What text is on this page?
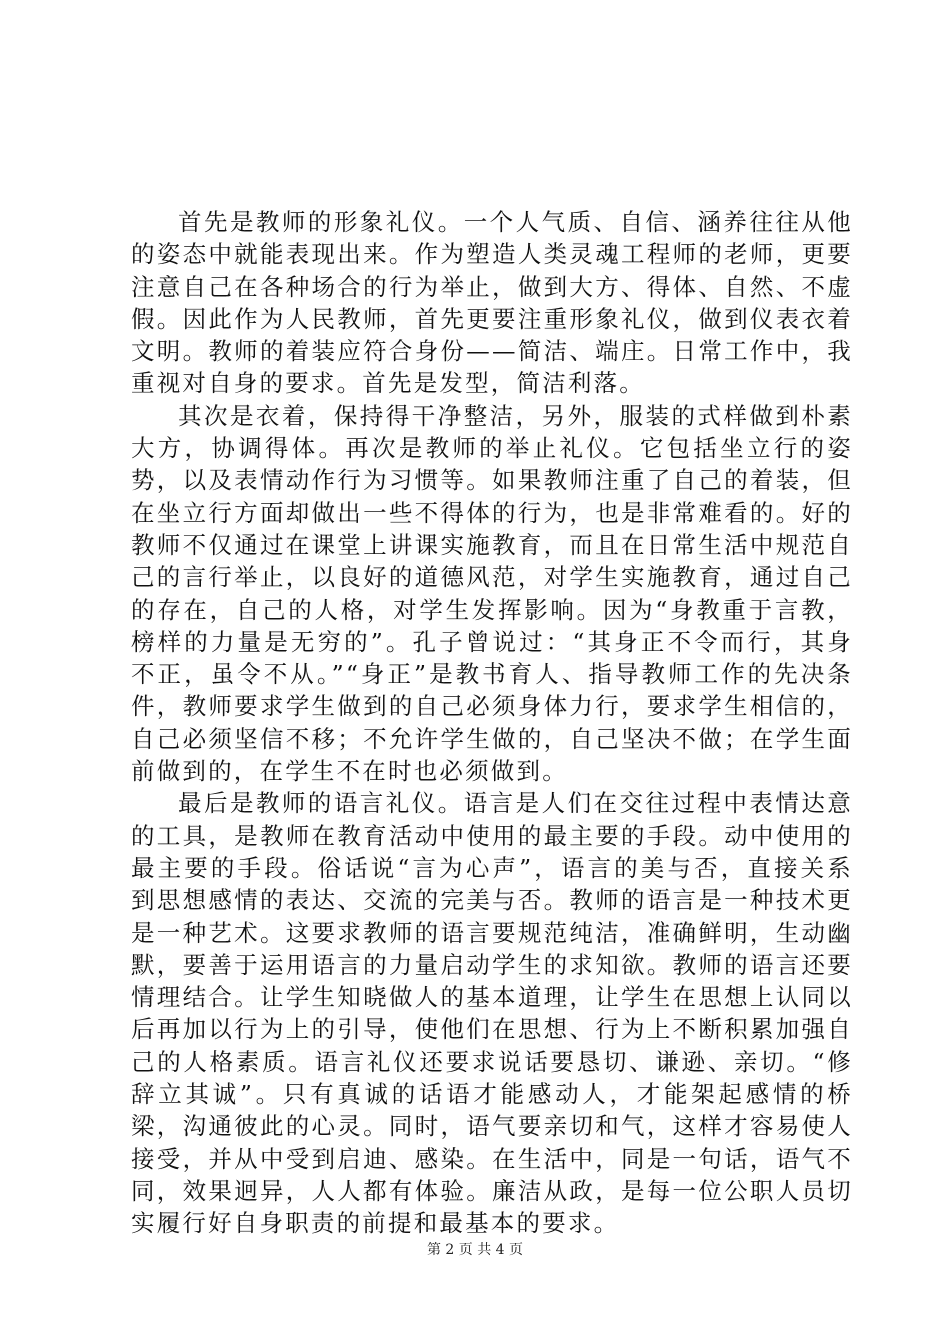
首先是教师的形象礼仪。一个人气质、自信、涵养往往从他的姿态中就能表现出来。作为塑造人类灵魂工程师的老师，更要注意自己在各种场合的行为举止，做到大方、得体、自然、不虚假。因此作为人民教师，首先更要注重形象礼仪，做到仪表衣着文明。教师的着装应符合身份——简洁、端庄。日常工作中，我重视对自身的要求。首先是发型，简洁利落。

其次是衣着，保持得干净整洁，另外，服装的式样做到朴素大方，协调得体。再次是教师的举止礼仪。它包括坐立行的姿势，以及表情动作行为习惯等。如果教师注重了自己的着装，但在坐立行方面却做出一些不得体的行为，也是非常难看的。好的教师不仅通过在课堂上讲课实施教育，而且在日常生活中规范自己的言行举止，以良好的道德风范，对学生实施教育，通过自己的存在，自己的人格，对学生发挥影响。因为“身教重于言教，榜样的力量是无穷的”。孔子曾说过：“其身正不令而行，其身不正，虽令不从。”“身正”是教书育人、指导教师工作的先决条件，教师要求学生做到的自己必须身体力行，要求学生相信的，自己必须坚信不移；不允许学生做的，自己坚决不做；在学生面前做到的，在学生不在时也必须做到。

最后是教师的语言礼仪。语言是人们在交往过程中表情达意的工具，是教师在教育活动中使用的最主要的手段。动中使用的最主要的手段。俗话说“言为心声”，语言的美与否，直接关系到思想感情的表达、交流的完美与否。教师的语言是一种技术更是一种艺术。这要求教师的语言要规范纯洁，准确鲜明，生动幽默，要善于运用语言的力量启动学生的求知欲。教师的语言还要情理结合。让学生知晓做人的基本道理，让学生在思想上认同以后再加以行为上的引导，使他们在思想、行为上不断积累加强自己的人格素质。语言礼仪还要求说话要恳切、谦逊、亲切。“修辞立其诚”。只有真诚的话语才能感动人，才能架起感情的桥梁，沟通彼此的心灵。同时，语气要亲切和气，这样才容易使人接受，并从中受到启迪、感染。在生活中，同是一句话，语气不同，效果迥异，人人都有体验。廉洁从政，是每一位公职人员切实履行好自身职责的前提和最基本的要求。

第 2 页 共 4 页
